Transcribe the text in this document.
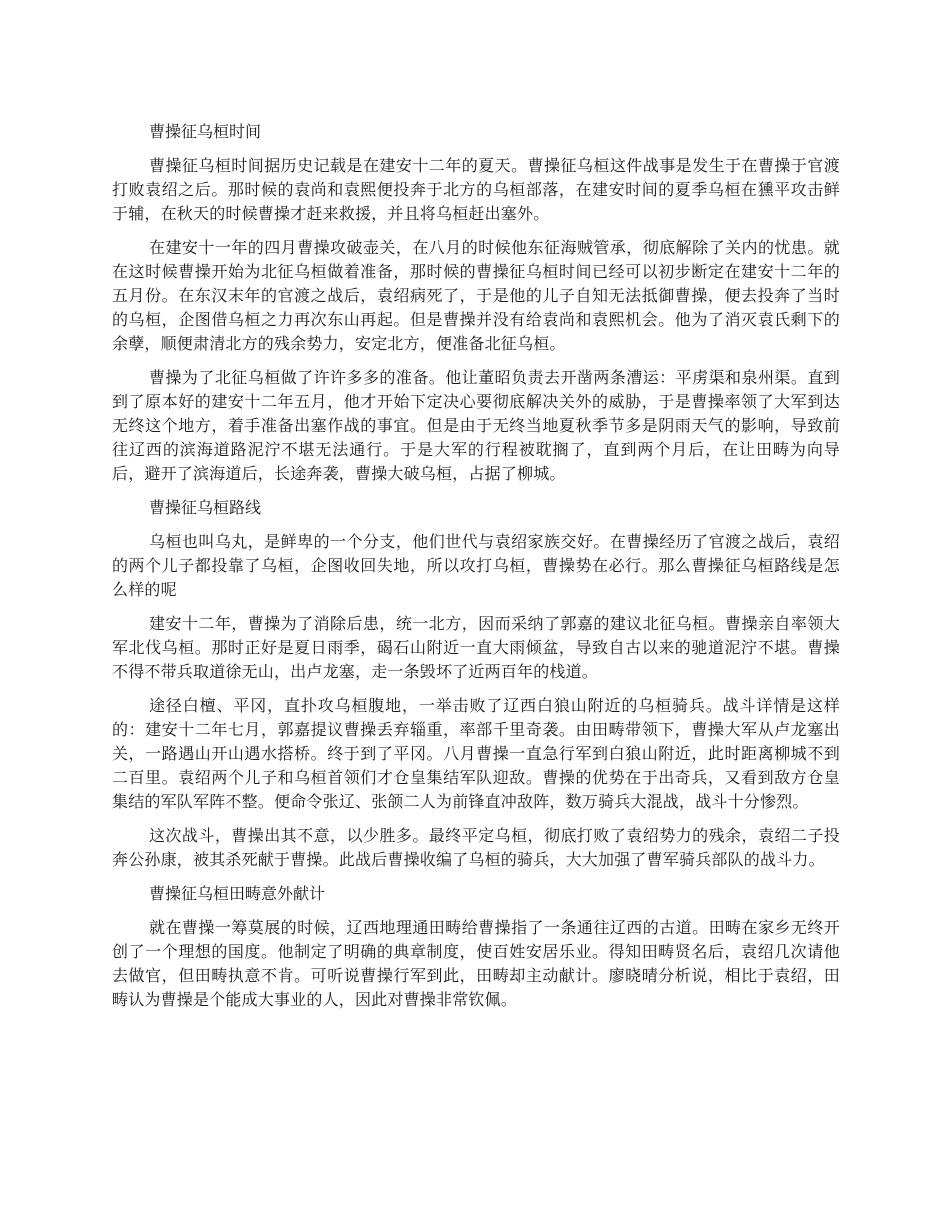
曹操征乌桓时间

曹操征乌桓时间据历史记载是在建安十二年的夏天。曹操征乌桓这件战事是发生于在曹操于官渡打败袁绍之后。那时候的袁尚和袁熙便投奔于北方的乌桓部落，在建安时间的夏季乌桓在獯平攻击鲜于辅，在秋天的时候曹操才赶来救援，并且将乌桓赶出塞外。

在建安十一年的四月曹操攻破壶关，在八月的时候他东征海贼管承，彻底解除了关内的忧患。就在这时候曹操开始为北征乌桓做着准备，那时候的曹操征乌桓时间已经可以初步断定在建安十二年的五月份。在东汉末年的官渡之战后，袁绍病死了，于是他的儿子自知无法抵御曹操，便去投奔了当时的乌桓，企图借乌桓之力再次东山再起。但是曹操并没有给袁尚和袁熙机会。他为了消灭袁氏剩下的余孽，顺便肃清北方的残余势力，安定北方，便准备北征乌桓。

曹操为了北征乌桓做了许许多多的准备。他让董昭负责去开凿两条漕运：平虏渠和泉州渠。直到到了原本好的建安十二年五月，他才开始下定决心要彻底解决关外的威胁，于是曹操率领了大军到达无终这个地方，着手准备出塞作战的事宜。但是由于无终当地夏秋季节多是阴雨天气的影响，导致前往辽西的滨海道路泥泞不堪无法通行。于是大军的行程被耽搁了，直到两个月后，在让田畴为向导后，避开了滨海道后，长途奔袭，曹操大破乌桓，占据了柳城。

曹操征乌桓路线

乌桓也叫乌丸，是鲜卑的一个分支，他们世代与袁绍家族交好。在曹操经历了官渡之战后，袁绍的两个儿子都投靠了乌桓，企图收回失地，所以攻打乌桓，曹操势在必行。那么曹操征乌桓路线是怎么样的呢

建安十二年，曹操为了消除后患，统一北方，因而采纳了郭嘉的建议北征乌桓。曹操亲自率领大军北伐乌桓。那时正好是夏日雨季，碣石山附近一直大雨倾盆，导致自古以来的驰道泥泞不堪。曹操不得不带兵取道徐无山，出卢龙塞，走一条毁坏了近两百年的栈道。

途径白檀、平冈，直扑攻乌桓腹地，一举击败了辽西白狼山附近的乌桓骑兵。战斗详情是这样的：建安十二年七月，郭嘉提议曹操丢弃辎重，率部千里奇袭。由田畴带领下，曹操大军从卢龙塞出关，一路遇山开山遇水搭桥。终于到了平冈。八月曹操一直急行军到白狼山附近，此时距离柳城不到二百里。袁绍两个儿子和乌桓首领们才仓皇集结军队迎敌。曹操的优势在于出奇兵，又看到敌方仓皇集结的军队军阵不整。便命令张辽、张颌二人为前锋直冲敌阵，数万骑兵大混战，战斗十分惨烈。

这次战斗，曹操出其不意，以少胜多。最终平定乌桓，彻底打败了袁绍势力的残余，袁绍二子投奔公孙康，被其杀死献于曹操。此战后曹操收编了乌桓的骑兵，大大加强了曹军骑兵部队的战斗力。

曹操征乌桓田畴意外献计

就在曹操一筹莫展的时候，辽西地理通田畴给曹操指了一条通往辽西的古道。田畴在家乡无终开创了一个理想的国度。他制定了明确的典章制度，使百姓安居乐业。得知田畴贤名后，袁绍几次请他去做官，但田畴执意不肯。可听说曹操行军到此，田畴却主动献计。廖晓晴分析说，相比于袁绍，田畴认为曹操是个能成大事业的人，因此对曹操非常钦佩。
